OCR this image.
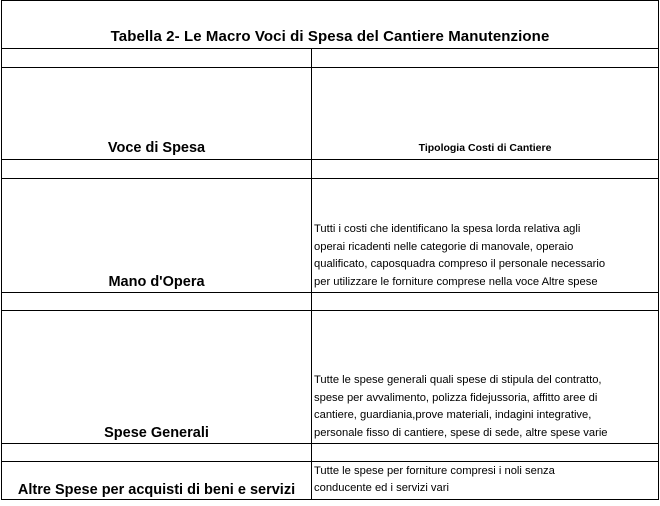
Tabella 2- Le Macro Voci di Spesa del Cantiere Manutenzione	

Voce di Spesa	Tipologia Costi di Cantiere

Mano d'Opera	Tutti i costi che identificano la spesa lorda relativa agli
operai ricadenti nelle categorie di manovale, operaio
qualificato, caposquadra compreso il personale necessario
per utilizzare le forniture comprese nella voce Altre spese

Spese Generali	Tutte le spese generali quali spese di stipula del contratto,
spese per avvalimento, polizza fidejussoria, affitto aree di
cantiere, guardiania,prove materiali, indagini integrative,
personale fisso di cantiere, spese di sede, altre spese varie

Altre Spese per acquisti di beni e servizi	Tutte le spese per forniture compresi i noli senza
conducente ed i servizi vari
